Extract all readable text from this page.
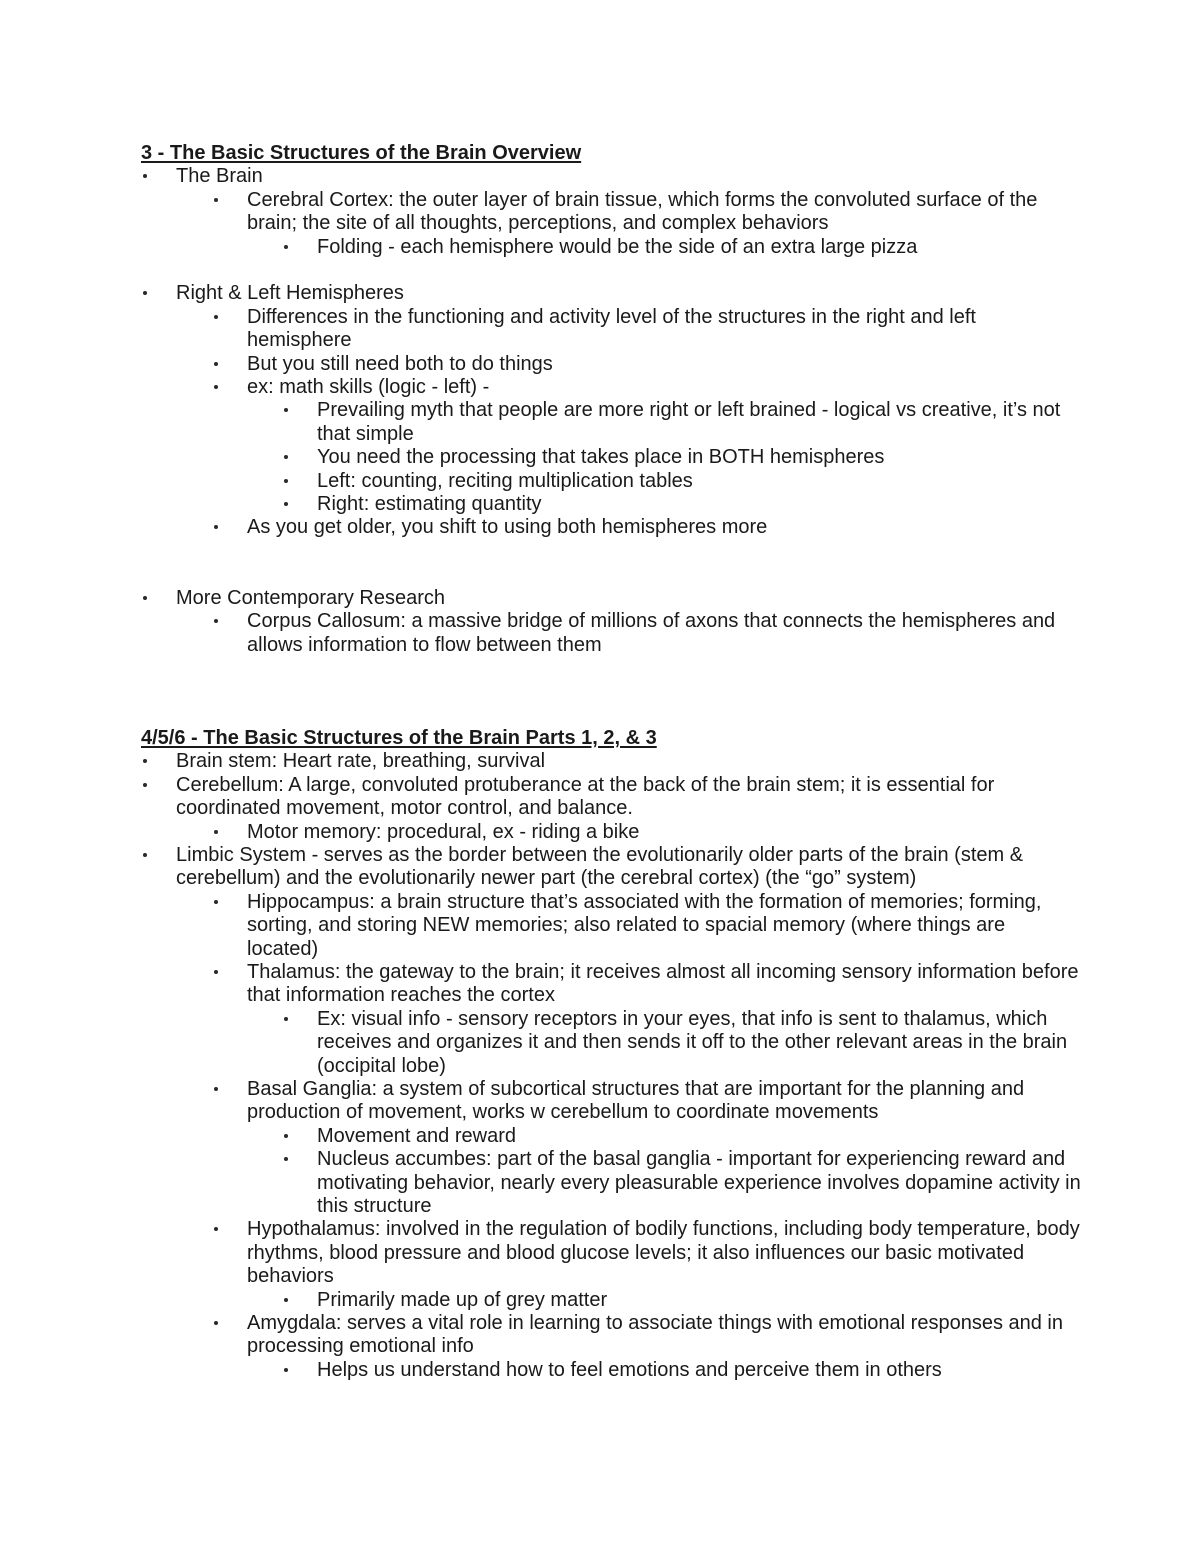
3 - The Basic Structures of the Brain Overview
The Brain
Cerebral Cortex: the outer layer of brain tissue, which forms the convoluted surface of the brain; the site of all thoughts, perceptions, and complex behaviors
Folding - each hemisphere would be the side of an extra large pizza
Right & Left Hemispheres
Differences in the functioning and activity level of the structures in the right and left hemisphere
But you still need both to do things
ex: math skills (logic - left) -
Prevailing myth that people are more right or left brained - logical vs creative, it’s not that simple
You need the processing that takes place in BOTH hemispheres
Left: counting, reciting multiplication tables
Right: estimating quantity
As you get older, you shift to using both hemispheres more
More Contemporary Research
Corpus Callosum: a massive bridge of millions of axons that connects the hemispheres and allows information to flow between them
4/5/6 - The Basic Structures of the Brain Parts 1, 2, & 3
Brain stem: Heart rate, breathing, survival
Cerebellum: A large, convoluted protuberance at the back of the brain stem; it is essential for coordinated movement, motor control, and balance.
Motor memory: procedural, ex - riding a bike
Limbic System - serves as the border between the evolutionarily older parts of the brain (stem & cerebellum) and the evolutionarily newer part (the cerebral cortex) (the “go” system)
Hippocampus: a brain structure that’s associated with the formation of memories; forming, sorting, and storing NEW memories; also related to spacial memory (where things are located)
Thalamus: the gateway to the brain; it receives almost all incoming sensory information before that information reaches the cortex
Ex: visual info - sensory receptors in your eyes, that info is sent to thalamus, which receives and organizes it and then sends it off to the other relevant areas in the brain (occipital lobe)
Basal Ganglia: a system of subcortical structures that are important for the planning and production of movement, works w cerebellum to coordinate movements
Movement and reward
Nucleus accumbes: part of the basal ganglia - important for experiencing reward and motivating behavior, nearly every pleasurable experience involves dopamine activity in this structure
Hypothalamus: involved in the regulation of bodily functions, including body temperature, body rhythms, blood pressure and blood glucose levels; it also influences our basic motivated behaviors
Primarily made up of grey matter
Amygdala: serves a vital role in learning to associate things with emotional responses and in processing emotional info
Helps us understand how to feel emotions and perceive them in others
